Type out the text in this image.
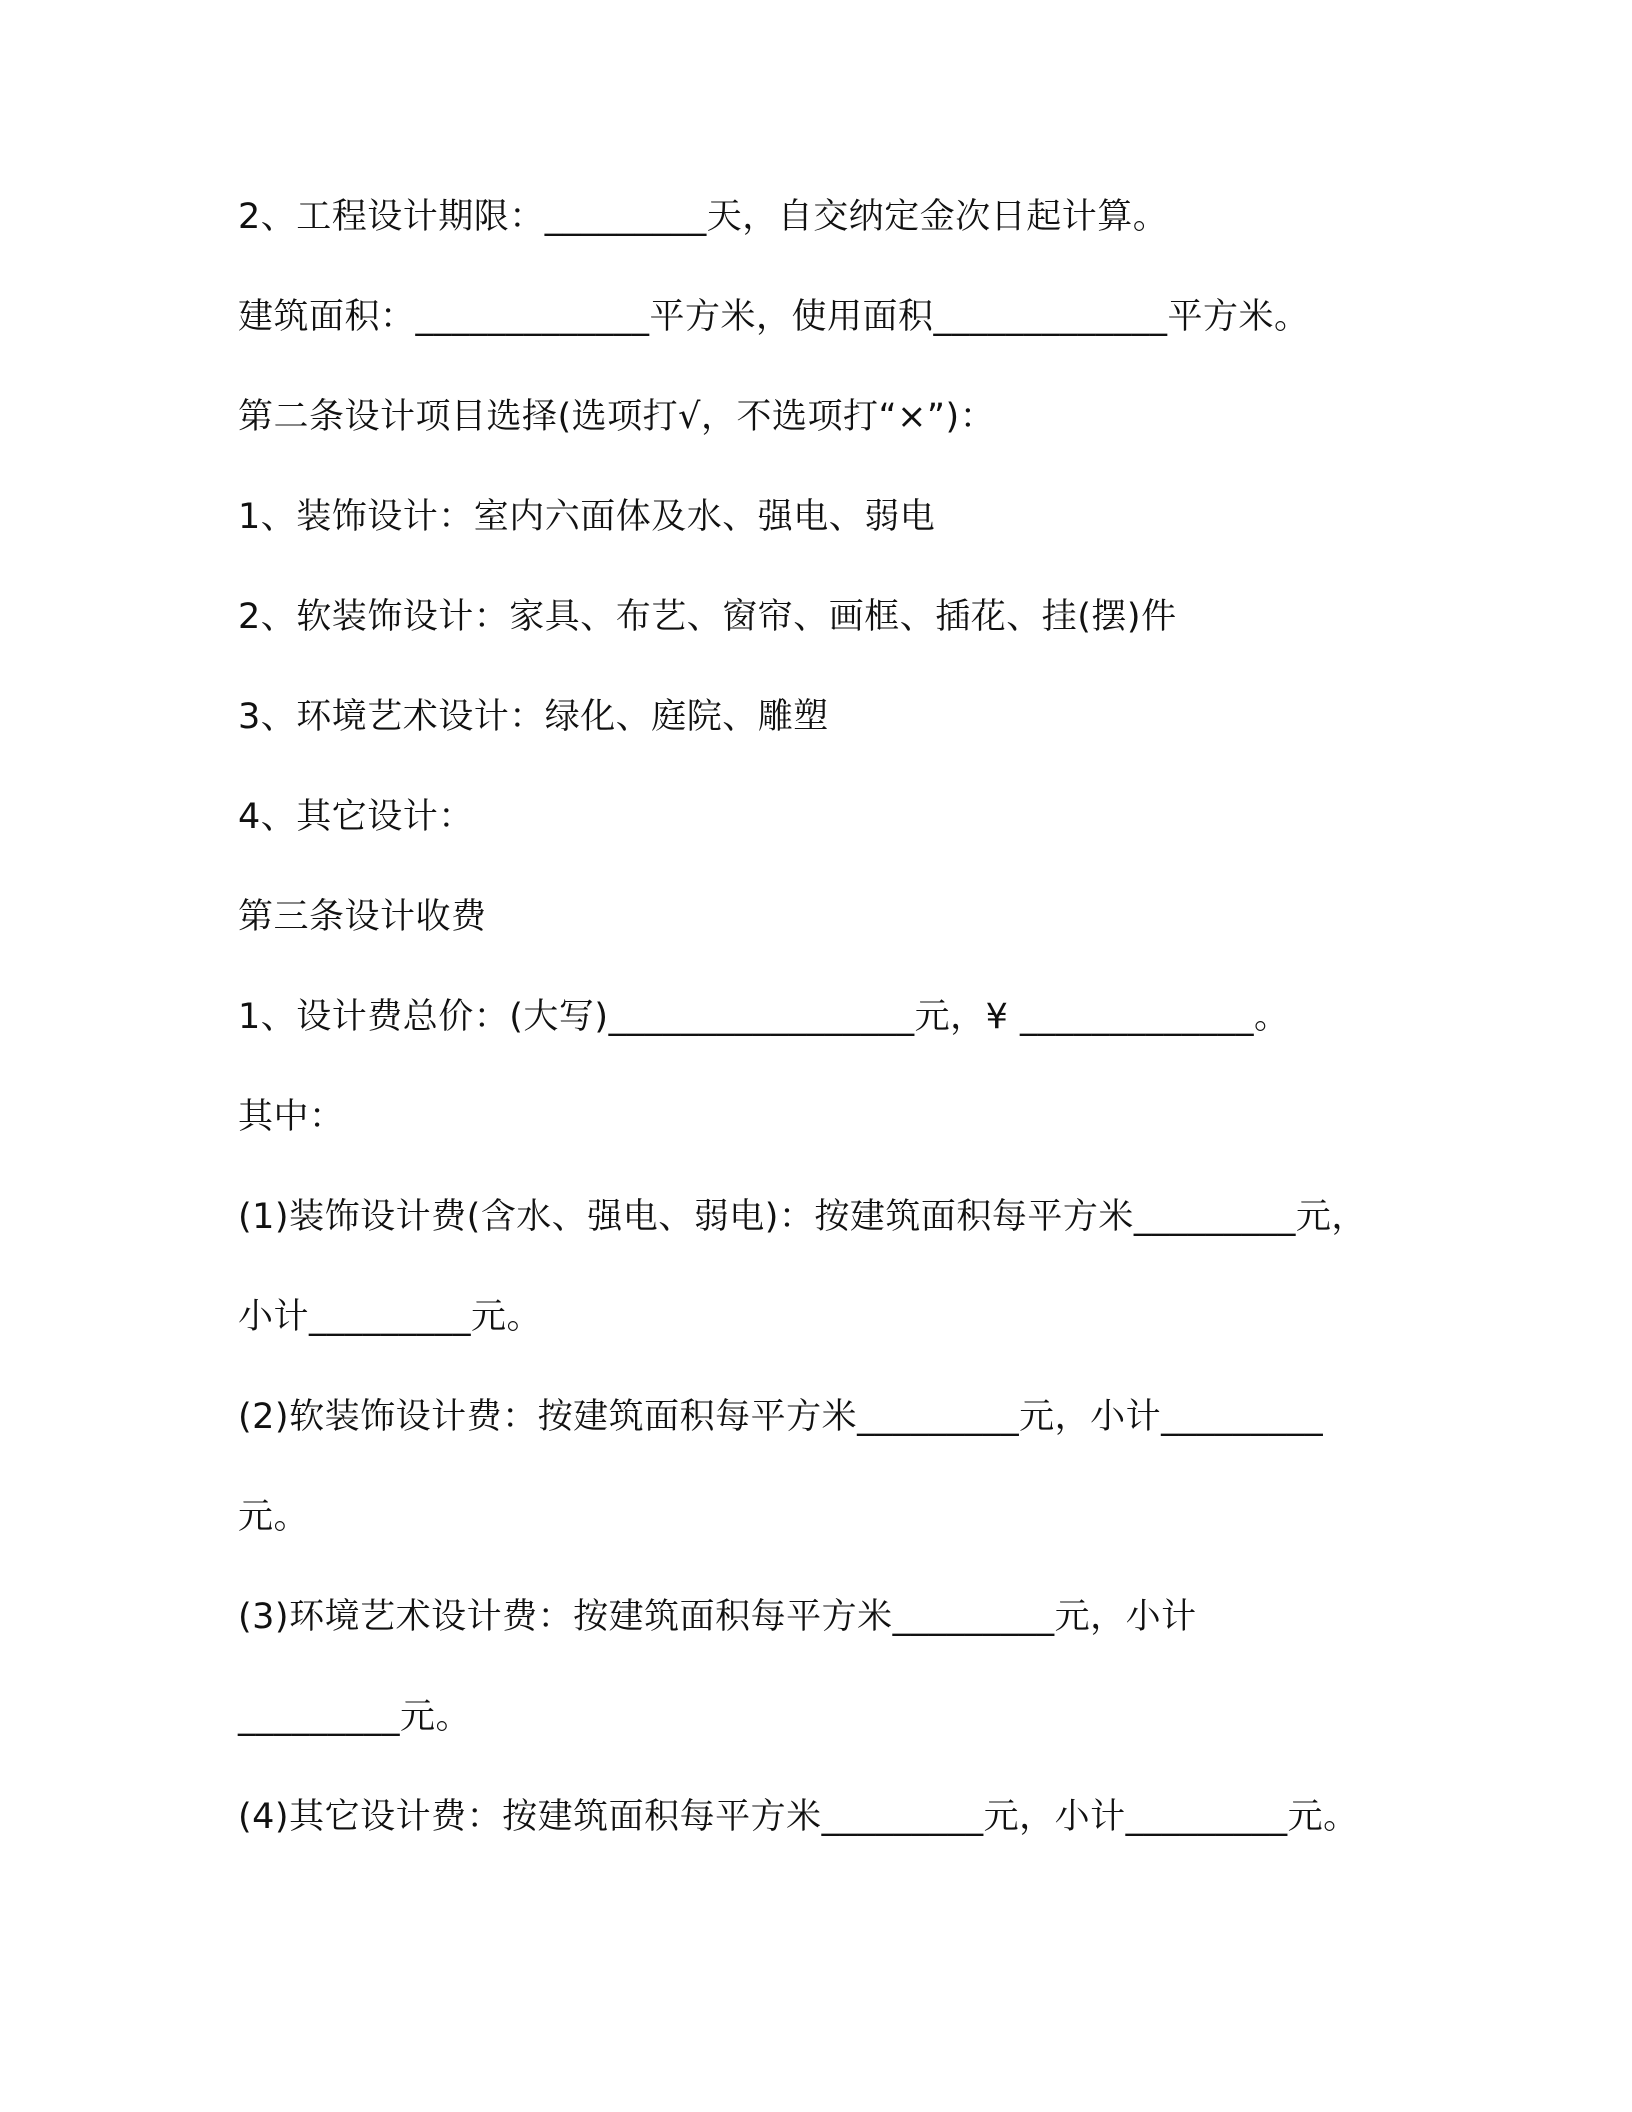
2、工程设计期限：_________天，自交纳定金次日起计算。
建筑面积：_____________平方米，使用面积_____________平方米。
第二条设计项目选择(选项打√，不选项打“×”)：
1、装饰设计：室内六面体及水、强电、弱电
2、软装饰设计：家具、布艺、窗帘、画框、插花、挂(摆)件
3、环境艺术设计：绿化、庭院、雕塑
4、其它设计：
第三条设计收费
1、设计费总价：(大写)_________________元，¥ _____________。
其中：
(1)装饰设计费(含水、强电、弱电)：按建筑面积每平方米_________元，
小计_________元。
(2)软装饰设计费：按建筑面积每平方米_________元，小计_________
元。
(3)环境艺术设计费：按建筑面积每平方米_________元，小计
_________元。
(4)其它设计费：按建筑面积每平方米_________元，小计_________元。
